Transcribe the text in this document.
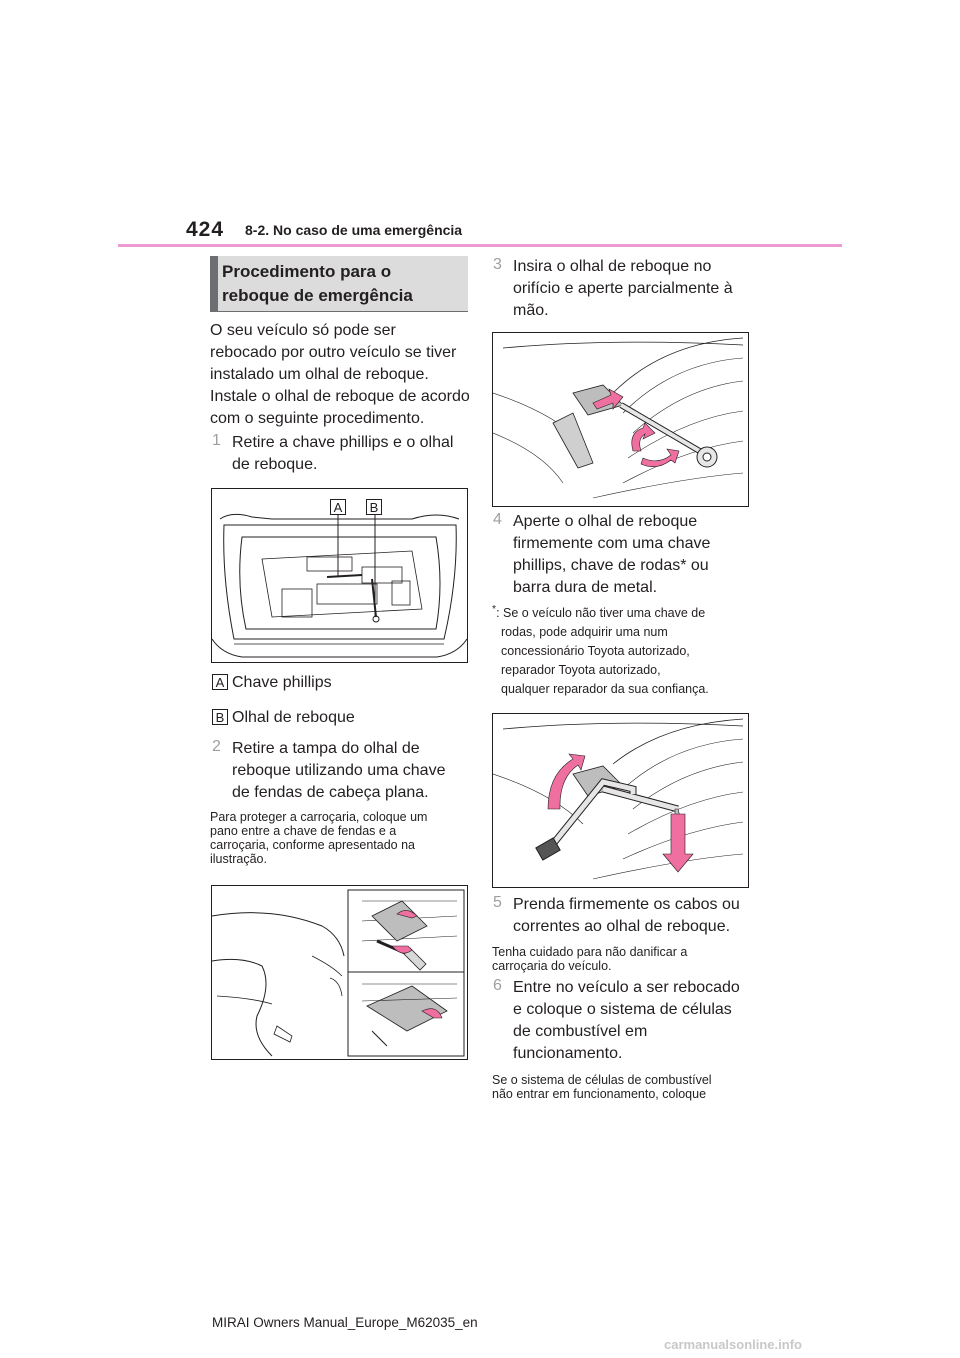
424 8-2. No caso de uma emergência
Procedimento para o
reboque de emergência
O seu veículo só pode ser
rebocado por outro veículo se tiver
instalado um olhal de reboque.
Instale o olhal de reboque de acordo
com o seguinte procedimento.
1 Retire a chave phillips e o olhal
de reboque.
A B
A Chave phillips
B Olhal de reboque
2 Retire a tampa do olhal de
reboque utilizando uma chave
de fendas de cabeça plana.
Para proteger a carroçaria, coloque um
pano entre a chave de fendas e a
carroçaria, conforme apresentado na
ilustração.
3 Insira o olhal de reboque no
orifício e aperte parcialmente à
mão.
4 Aperte o olhal de reboque
firmemente com uma chave
phillips, chave de rodas* ou
barra dura de metal.
*: Se o veículo não tiver uma chave de
rodas, pode adquirir uma num
concessionário Toyota autorizado,
reparador Toyota autorizado,
qualquer reparador da sua confiança.
5 Prenda firmemente os cabos ou
correntes ao olhal de reboque.
Tenha cuidado para não danificar a
carroçaria do veículo.
6 Entre no veículo a ser rebocado
e coloque o sistema de células
de combustível em
funcionamento.
Se o sistema de células de combustível
não entrar em funcionamento, coloque
MIRAI Owners Manual_Europe_M62035_en
carmanualsonline.info
